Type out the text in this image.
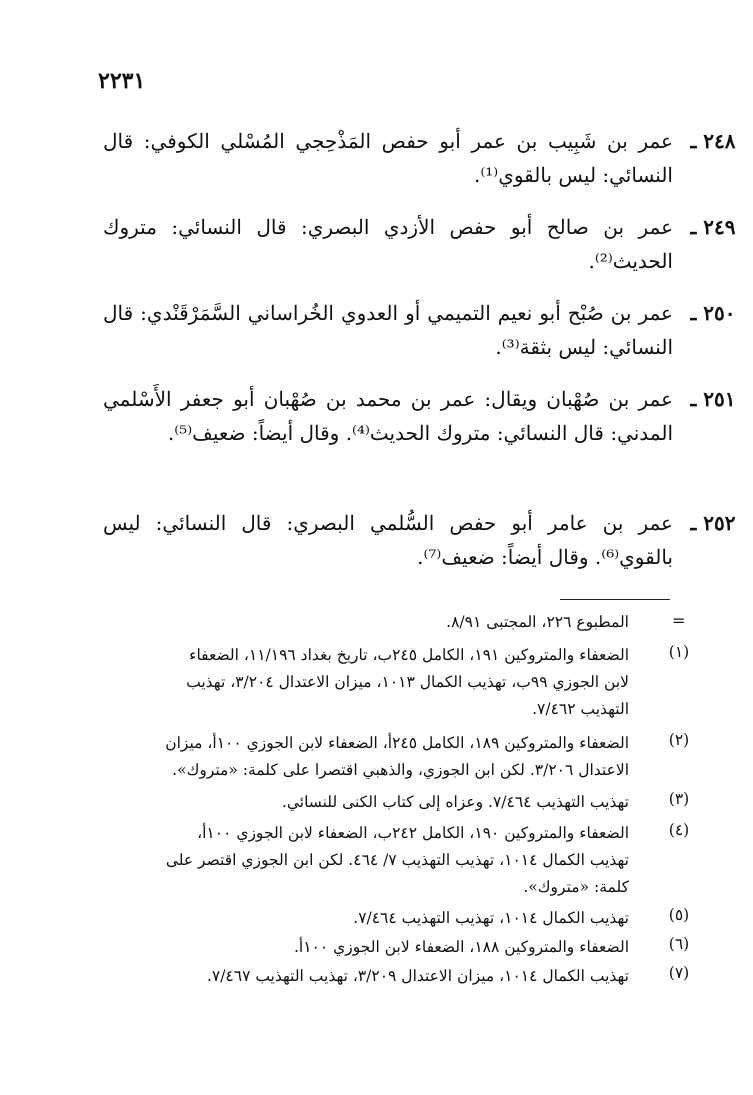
٢٢٣١
٢٤٨ ـ
عمر بن شَبِيب بن عمر أبو حفص المَذْحِجي المُسْلي الكوفي: قال النسائي: ليس بالقوي⁽¹⁾.
٢٤٩ ـ
عمر بن صالح أبو حفص الأزدي البصري: قال النسائي: متروك الحديث⁽²⁾.
٢٥٠ ـ
عمر بن صُبْح أبو نعيم التميمي أو العدوي الخُراساني السَّمَرْقَنْدي: قال النسائي: ليس بثقة⁽³⁾.
٢٥١ ـ
عمر بن صُهْبان ويقال: عمر بن محمد بن صُهْبان أبو جعفر الأَسْلمي المدني: قال النسائي: متروك الحديث⁽⁴⁾. وقال أيضاً: ضعيف⁽⁵⁾.
٢٥٢ ـ
عمر بن عامر أبو حفص السُّلمي البصري: قال النسائي: ليس بالقوي⁽⁶⁾. وقال أيضاً: ضعيف⁽⁷⁾.
=
المطبوع ٢٢٦، المجتبى ٨/٩١.
(١)
الضعفاء والمتروكين ١٩١، الكامل ٢٤٥ب، تاريخ بغداد ١١/١٩٦، الضعفاء
لابن الجوزي ٩٩ب، تهذيب الكمال ١٠١٣، ميزان الاعتدال ٣/٢٠٤، تهذيب
التهذيب ٧/٤٦٢.
(٢)
الضعفاء والمتروكين ١٨٩، الكامل ٢٤٥أ، الضعفاء لابن الجوزي ١٠٠أ، ميزان
الاعتدال ٣/٢٠٦. لكن ابن الجوزي، والذهبي اقتصرا على كلمة: «متروك».
(٣)
تهذيب التهذيب ٧/٤٦٤. وعزاه إلى كتاب الكنى للنسائي.
(٤)
الضعفاء والمتروكين ١٩٠، الكامل ٢٤٢ب، الضعفاء لابن الجوزي ١٠٠أ،
تهذيب الكمال ١٠١٤، تهذيب التهذيب ٧/ ٤٦٤. لكن ابن الجوزي اقتصر على
كلمة: «متروك».
(٥)
تهذيب الكمال ١٠١٤، تهذيب التهذيب ٧/٤٦٤.
(٦)
الضعفاء والمتروكين ١٨٨، الضعفاء لابن الجوزي ١٠٠أ.
(٧)
تهذيب الكمال ١٠١٤، ميزان الاعتدال ٣/٢٠٩، تهذيب التهذيب ٧/٤٦٧.
